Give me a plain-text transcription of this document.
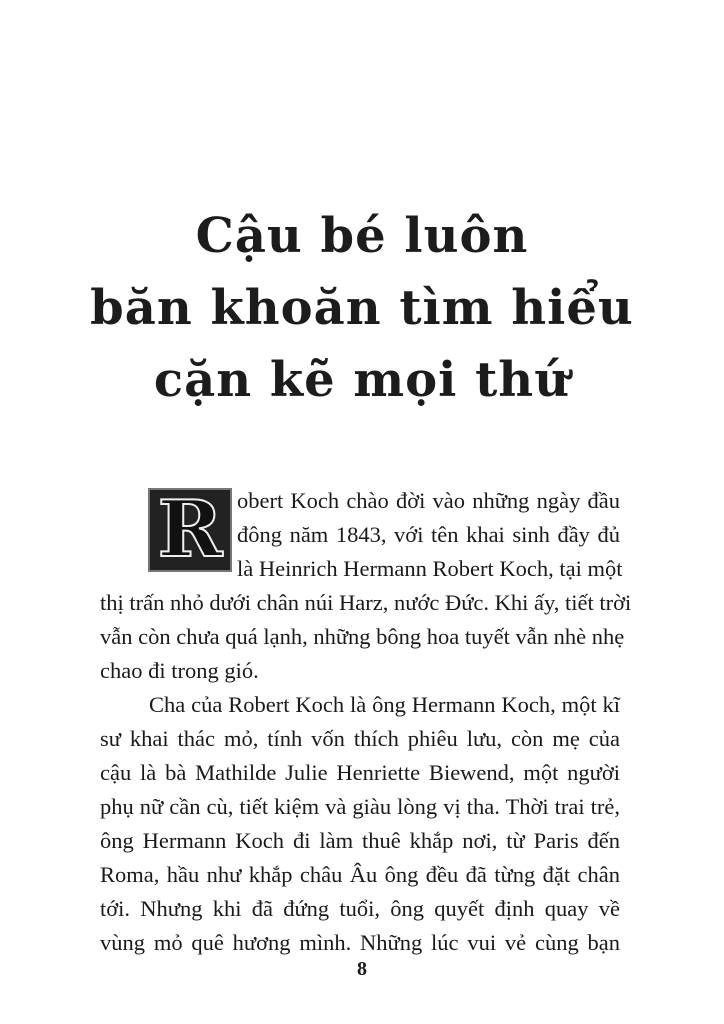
Cậu bé luôn
băn khoăn tìm hiểu
cặn kẽ mọi thứ
R obert Koch chào đời vào những ngày đầu
đông năm 1843, với tên khai sinh đầy đủ
là Heinrich Hermann Robert Koch, tại một
thị trấn nhỏ dưới chân núi Harz, nước Đức. Khi ấy, tiết trời
vẫn còn chưa quá lạnh, những bông hoa tuyết vẫn nhè nhẹ
chao đi trong gió.
Cha của Robert Koch là ông Hermann Koch, một kĩ
sư khai thác mỏ, tính vốn thích phiêu lưu, còn mẹ của
cậu là bà Mathilde Julie Henriette Biewend, một người
phụ nữ cần cù, tiết kiệm và giàu lòng vị tha. Thời trai trẻ,
ông Hermann Koch đi làm thuê khắp nơi, từ Paris đến
Roma, hầu như khắp châu Âu ông đều đã từng đặt chân
tới. Nhưng khi đã đứng tuổi, ông quyết định quay về
vùng mỏ quê hương mình. Những lúc vui vẻ cùng bạn
8
